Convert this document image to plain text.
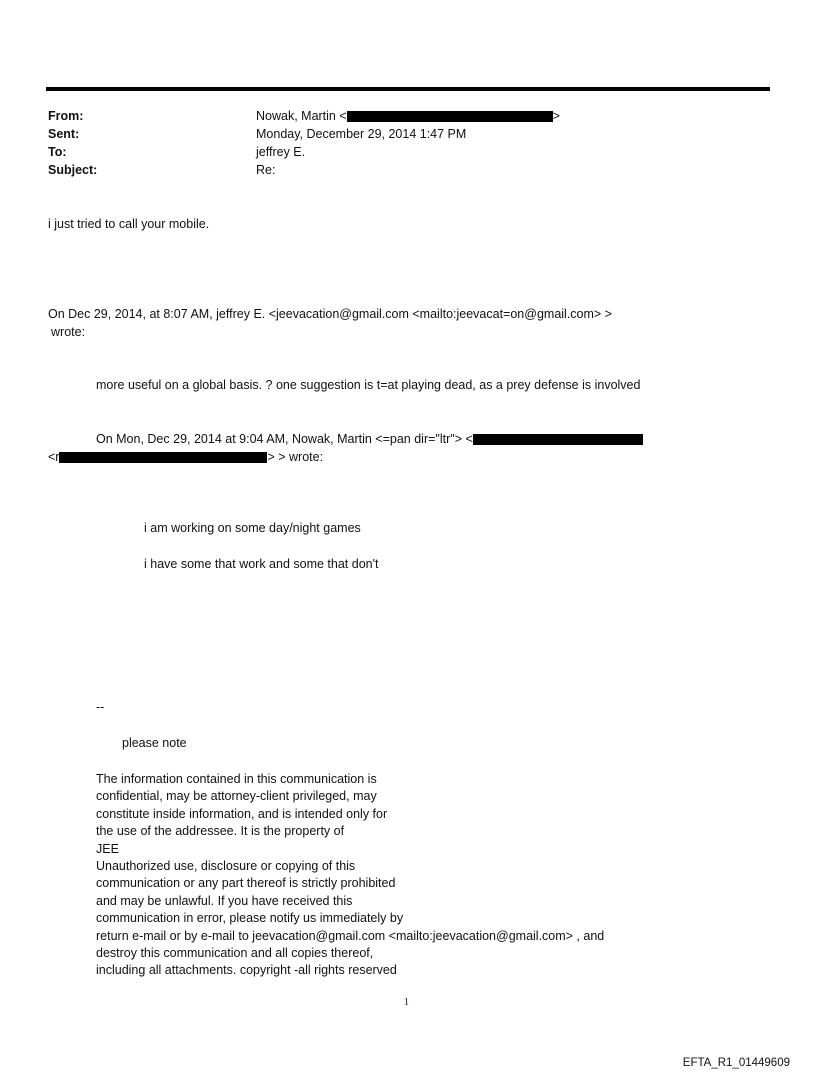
From:	Nowak, Martin <	>
Sent:	Monday, December 29, 2014 1:47 PM
To:	jeffrey E.
Subject:	Re:
i just tried to call your mobile.
On Dec 29, 2014, at 8:07 AM, jeffrey E. <jeevacation@gmail.com <mailto:jeevacat=on@gmail.com> >
wrote:
more useful on a global basis. ? one suggestion is t=at playing dead, as a prey defense is involved
On Mon, Dec 29, 2014 at 9:04 AM, Nowak, Martin <=pan dir="ltr"> <
<r	> > wrote:
i am working on some day/night games
i have some that work and some that don't
--
please note
The information contained in this communication is
confidential, may be attorney-client privileged, may
constitute inside information, and is intended only for
the use of the addressee. It is the property of
JEE
Unauthorized use, disclosure or copying of this
communication or any part thereof is strictly prohibited
and may be unlawful. If you have received this
communication in error, please notify us immediately by
return e-mail or by e-mail to jeevacation@gmail.com <mailto:jeevacation@gmail.com> , and
destroy this communication and all copies thereof,
including all attachments. copyright -all rights reserved
1
EFTA_R1_01449609
